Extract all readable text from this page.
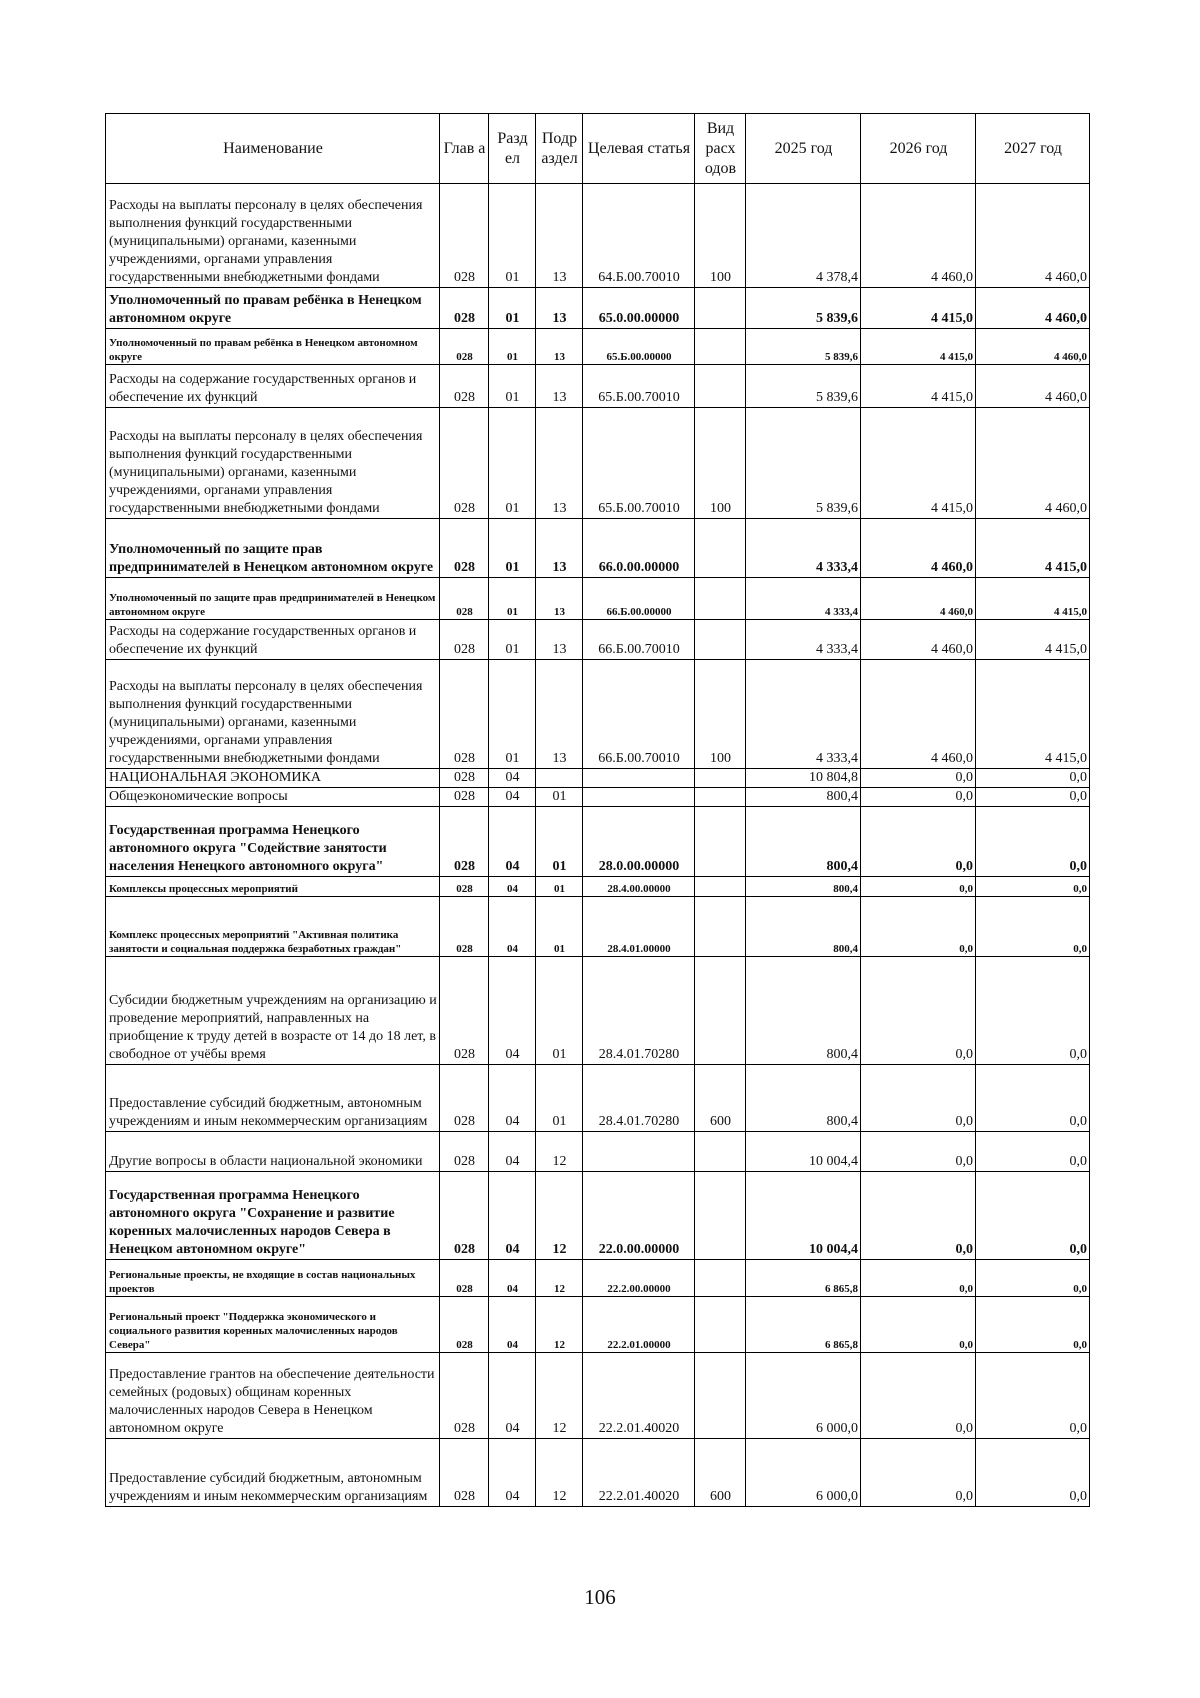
Наименование	Глав а	Разд ел	Подр аздел	Целевая статья	Вид расх одов	2025 год	2026 год	2027 год
Расходы на выплаты персоналу в целях обеспечения выполнения функций государственными (муниципальными) органами, казенными учреждениями, органами управления государственными внебюджетными фондами	028	01	13	64.Б.00.70010	100	4 378,4	4 460,0	4 460,0
Уполномоченный по правам ребёнка в Ненецком автономном округе	028	01	13	65.0.00.00000		5 839,6	4 415,0	4 460,0
Уполномоченный по правам ребёнка в Ненецком автономном округе	028	01	13	65.Б.00.00000		5 839,6	4 415,0	4 460,0
Расходы на содержание государственных органов и обеспечение их функций	028	01	13	65.Б.00.70010		5 839,6	4 415,0	4 460,0
Расходы на выплаты персоналу в целях обеспечения выполнения функций государственными (муниципальными) органами, казенными учреждениями, органами управления государственными внебюджетными фондами	028	01	13	65.Б.00.70010	100	5 839,6	4 415,0	4 460,0
Уполномоченный по защите прав предпринимателей в Ненецком автономном округе	028	01	13	66.0.00.00000		4 333,4	4 460,0	4 415,0
Уполномоченный по защите прав предпринимателей в Ненецком автономном округе	028	01	13	66.Б.00.00000		4 333,4	4 460,0	4 415,0
Расходы на содержание государственных органов и обеспечение их функций	028	01	13	66.Б.00.70010		4 333,4	4 460,0	4 415,0
Расходы на выплаты персоналу в целях обеспечения выполнения функций государственными (муниципальными) органами, казенными учреждениями, органами управления государственными внебюджетными фондами	028	01	13	66.Б.00.70010	100	4 333,4	4 460,0	4 415,0
НАЦИОНАЛЬНАЯ ЭКОНОМИКА	028	04				10 804,8	0,0	0,0
Общеэкономические вопросы	028	04	01			800,4	0,0	0,0
Государственная программа Ненецкого автономного округа "Содействие занятости населения Ненецкого автономного округа"	028	04	01	28.0.00.00000		800,4	0,0	0,0
Комплексы процессных мероприятий	028	04	01	28.4.00.00000		800,4	0,0	0,0
Комплекс процессных мероприятий "Активная политика занятости и социальная поддержка безработных граждан"	028	04	01	28.4.01.00000		800,4	0,0	0,0
Субсидии бюджетным учреждениям на организацию и проведение мероприятий, направленных на приобщение к труду детей в возрасте от 14 до 18 лет, в свободное от учёбы время	028	04	01	28.4.01.70280		800,4	0,0	0,0
Предоставление субсидий бюджетным, автономным учреждениям и иным некоммерческим организациям	028	04	01	28.4.01.70280	600	800,4	0,0	0,0
Другие вопросы в области национальной экономики	028	04	12			10 004,4	0,0	0,0
Государственная программа Ненецкого автономного округа "Сохранение и развитие коренных малочисленных народов Севера в Ненецком автономном округе"	028	04	12	22.0.00.00000		10 004,4	0,0	0,0
Региональные проекты, не входящие в состав национальных проектов	028	04	12	22.2.00.00000		6 865,8	0,0	0,0
Региональный проект "Поддержка экономического и социального развития коренных малочисленных народов Севера"	028	04	12	22.2.01.00000		6 865,8	0,0	0,0
Предоставление грантов на обеспечение деятельности семейных (родовых) общинам коренных малочисленных народов Севера в Ненецком автономном округе	028	04	12	22.2.01.40020		6 000,0	0,0	0,0
Предоставление субсидий бюджетным, автономным учреждениям и иным некоммерческим организациям	028	04	12	22.2.01.40020	600	6 000,0	0,0	0,0
106
